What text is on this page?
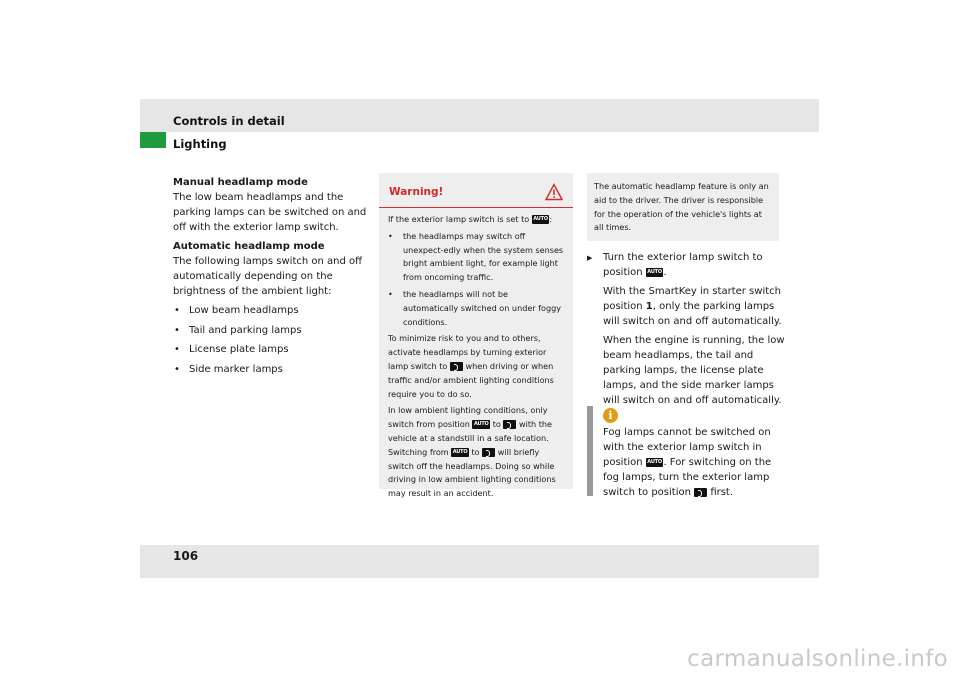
Controls in detail
Lighting
Manual headlamp mode

The low beam headlamps and the parking lamps can be switched on and off with the exterior lamp switch.

Automatic headlamp mode

The following lamps switch on and off automatically depending on the brightness of the ambient light:

• Low beam headlamps
• Tail and parking lamps
• License plate lamps
• Side marker lamps
Warning!

If the exterior lamp switch is set to AUTO :

• the headlamps may switch off unexpect-edly when the system senses bright ambient light, for example light from oncoming traffic.
• the headlamps will not be automatically switched on under foggy conditions.

To minimize risk to you and to others, activate headlamps by turning exterior lamp switch to when driving or when traffic and/or ambient lighting conditions require you to do so.

In low ambient lighting conditions, only switch from position AUTO to with the vehicle at a standstill in a safe location. Switching from AUTO to will briefly switch off the headlamps. Doing so while driving in low ambient lighting conditions may result in an accident.

The automatic headlamp feature is only an aid to the driver. The driver is responsible for the operation of the vehicle's lights at all times.

▶ Turn the exterior lamp switch to position AUTO .

With the SmartKey in starter switch position 1, only the parking lamps will switch on and off automatically.

When the engine is running, the low beam headlamps, the tail and parking lamps, the license plate lamps, and the side marker lamps will switch on and off automatically.

i
Fog lamps cannot be switched on with the exterior lamp switch in position AUTO . For switching on the fog lamps, turn the exterior lamp switch to position first.
106
carmanualsonline.info
